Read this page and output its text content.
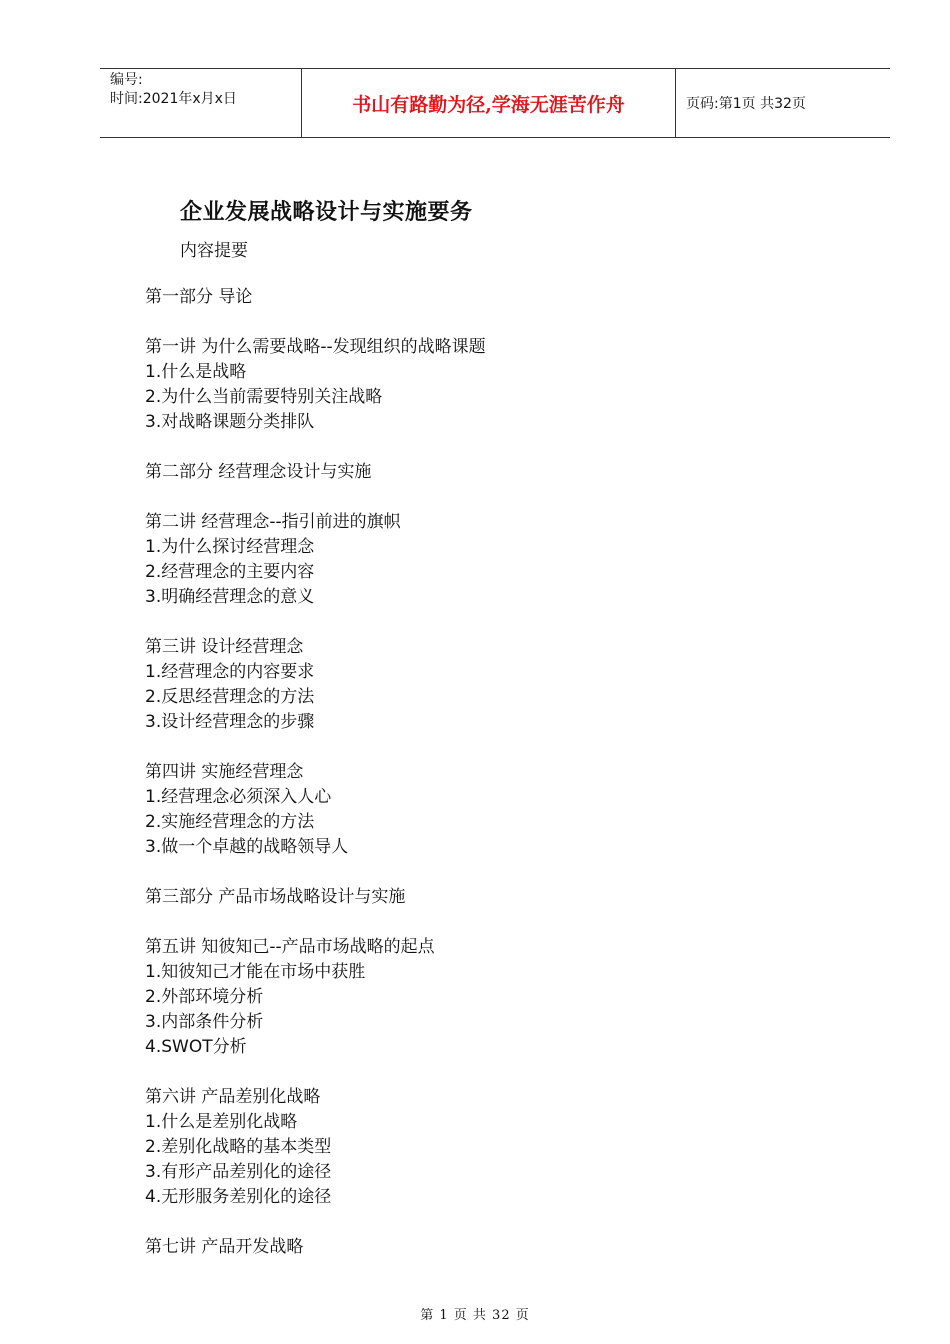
编号:
时间:2021年x月x日	书山有路勤为径,学海无涯苦作舟	页码:第1页 共32页
企业发展战略设计与实施要务
内容提要
第一部分 导论
第一讲 为什么需要战略--发现组织的战略课题
1.什么是战略
2.为什么当前需要特别关注战略
3.对战略课题分类排队
第二部分 经营理念设计与实施
第二讲 经营理念--指引前进的旗帜
1.为什么探讨经营理念
2.经营理念的主要内容
3.明确经营理念的意义
第三讲 设计经营理念
1.经营理念的内容要求
2.反思经营理念的方法
3.设计经营理念的步骤
第四讲 实施经营理念
1.经营理念必须深入人心
2.实施经营理念的方法
3.做一个卓越的战略领导人
第三部分 产品市场战略设计与实施
第五讲 知彼知己--产品市场战略的起点
1.知彼知己才能在市场中获胜
2.外部环境分析
3.内部条件分析
4.SWOT分析
第六讲 产品差别化战略
1.什么是差别化战略
2.差别化战略的基本类型
3.有形产品差别化的途径
4.无形服务差别化的途径
第七讲 产品开发战略
第 1 页 共 32 页
